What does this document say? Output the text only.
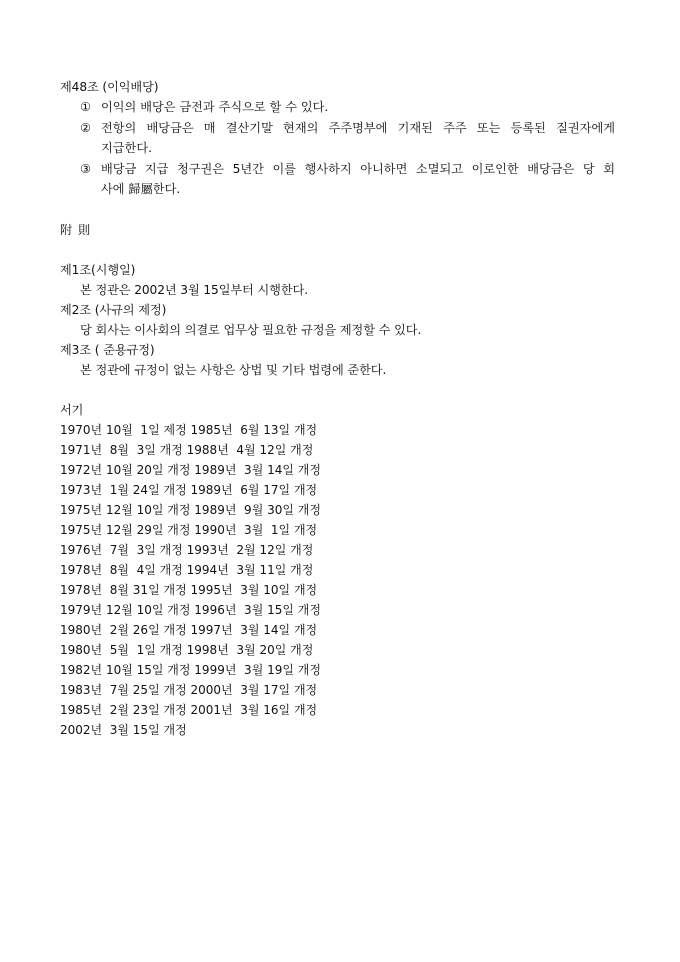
제48조 (이익배당)
① 이익의 배당은 금전과 주식으로 할 수 있다.
② 전항의 배당금은 매 결산기말 현재의 주주명부에 기재된 주주 또는 등록된 질권자에게
지급한다.
③ 배당금 지급 청구권은 5년간 이를 행사하지 아니하면 소멸되고 이로인한 배당금은 당 회
사에 歸屬한다.
附 則
제1조(시행일)
본 정관은 2002년 3월 15일부터 시행한다.
제2조 (사규의 제정)
당 회사는 이사회의 의결로 업무상 필요한 규정을 제정할 수 있다.
제3조 ( 준용규정)
본 정관에 규정이 없는 사항은 상법 및 기타 법령에 준한다.
서기
1970년 10월  1일 제정 1985년  6월 13일 개정
1971년  8월  3일 개정 1988년  4월 12일 개정
1972년 10월 20일 개정 1989년  3월 14일 개정
1973년  1월 24일 개정 1989년  6월 17일 개정
1975년 12월 10일 개정 1989년  9월 30일 개정
1975년 12월 29일 개정 1990년  3월  1일 개정
1976년  7월  3일 개정 1993년  2월 12일 개정
1978년  8월  4일 개정 1994년  3월 11일 개정
1978년  8월 31일 개정 1995년  3월 10일 개정
1979년 12월 10일 개정 1996년  3월 15일 개정
1980년  2월 26일 개정 1997년  3월 14일 개정
1980년  5월  1일 개정 1998년  3월 20일 개정
1982년 10월 15일 개정 1999년  3월 19일 개정
1983년  7월 25일 개정 2000년  3월 17일 개정
1985년  2월 23일 개정 2001년  3월 16일 개정
2002년  3월 15일 개정
